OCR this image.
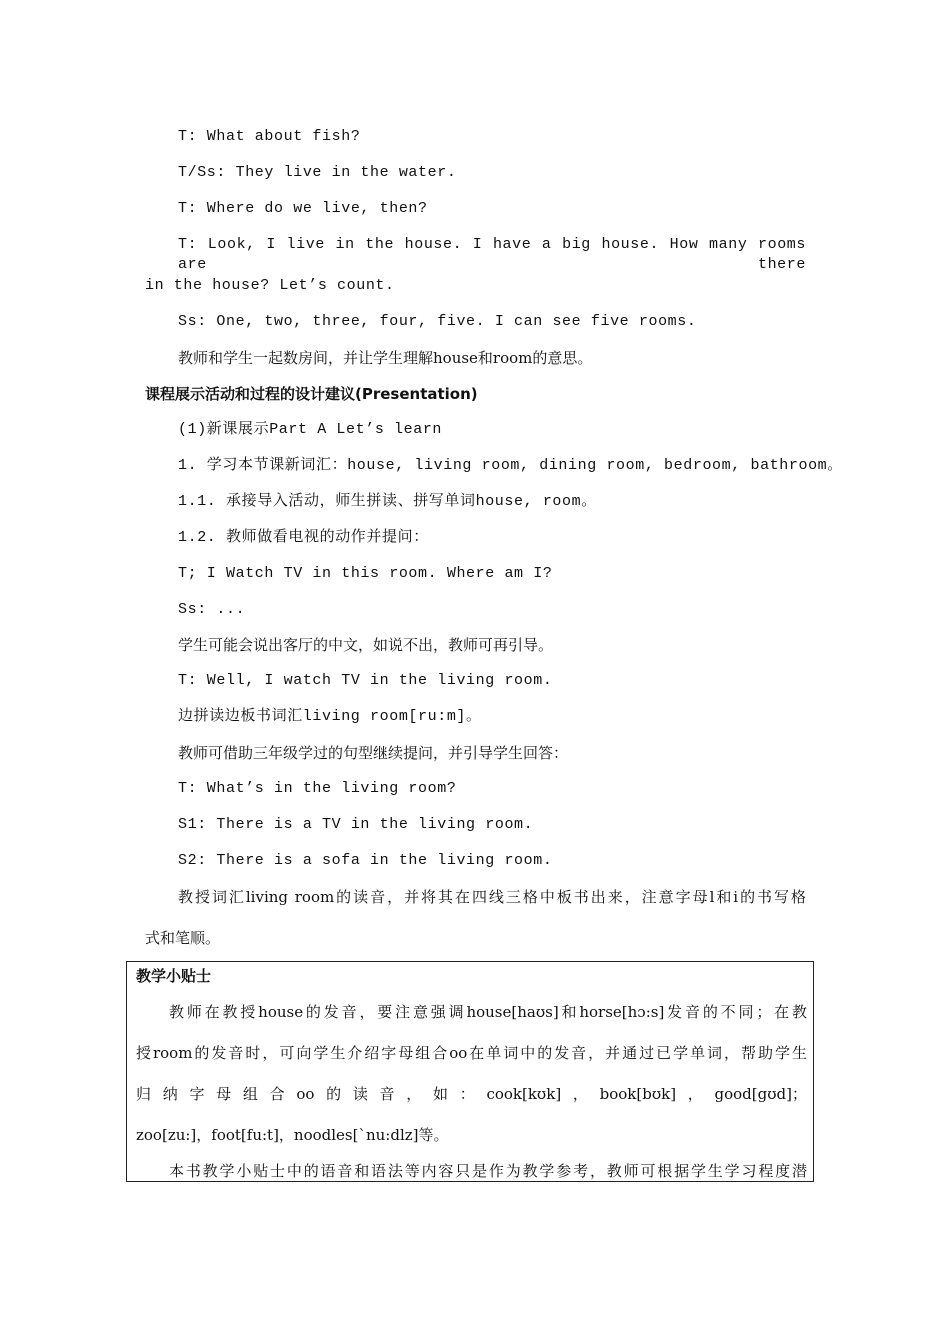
T: What about fish?
T/Ss: They live in the water.
T: Where do we live, then?
T: Look, I live in the house. I have a big house. How many rooms are there
in the house? Let’s count.
Ss: One, two, three, four, five. I can see five rooms.
教师和学生一起数房间，并让学生理解house和room的意思。
课程展示活动和过程的设计建议(Presentation)
(1)新课展示Part A Let’s learn
1. 学习本节课新词汇：house, living room, dining room, bedroom, bathroom。
1.1. 承接导入活动，师生拼读、拼写单词house, room。
1.2. 教师做看电视的动作并提问：
T; I Watch TV in this room. Where am I?
Ss: ...
学生可能会说出客厅的中文，如说不出，教师可再引导。
T: Well, I watch TV in the living room.
边拼读边板书词汇living room[ru:m]。
教师可借助三年级学过的句型继续提问，并引导学生回答：
T: What’s in the living room?
S1: There is a TV in the living room.
S2: There is a sofa in the living room.
教授词汇living room的读音，并将其在四线三格中板书出来，注意字母l和i的书写格
式和笔顺。
教学小贴士
教师在教授house的发音，要注意强调house[haʊs]和horse[hɔ:s]发音的不同；在教
授room的发音时，可向学生介绍字母组合oo在单词中的发音，并通过已学单词，帮助学生
归纳字母组合oo的读音，如：cook[kʊk]，book[bʊk]，good[gʊd]；
zoo[zu:]，foot[fu:t]，noodles[`nu:dlz]等。
本书教学小贴士中的语音和语法等内容只是作为教学参考，教师可根据学生学习程度潜
